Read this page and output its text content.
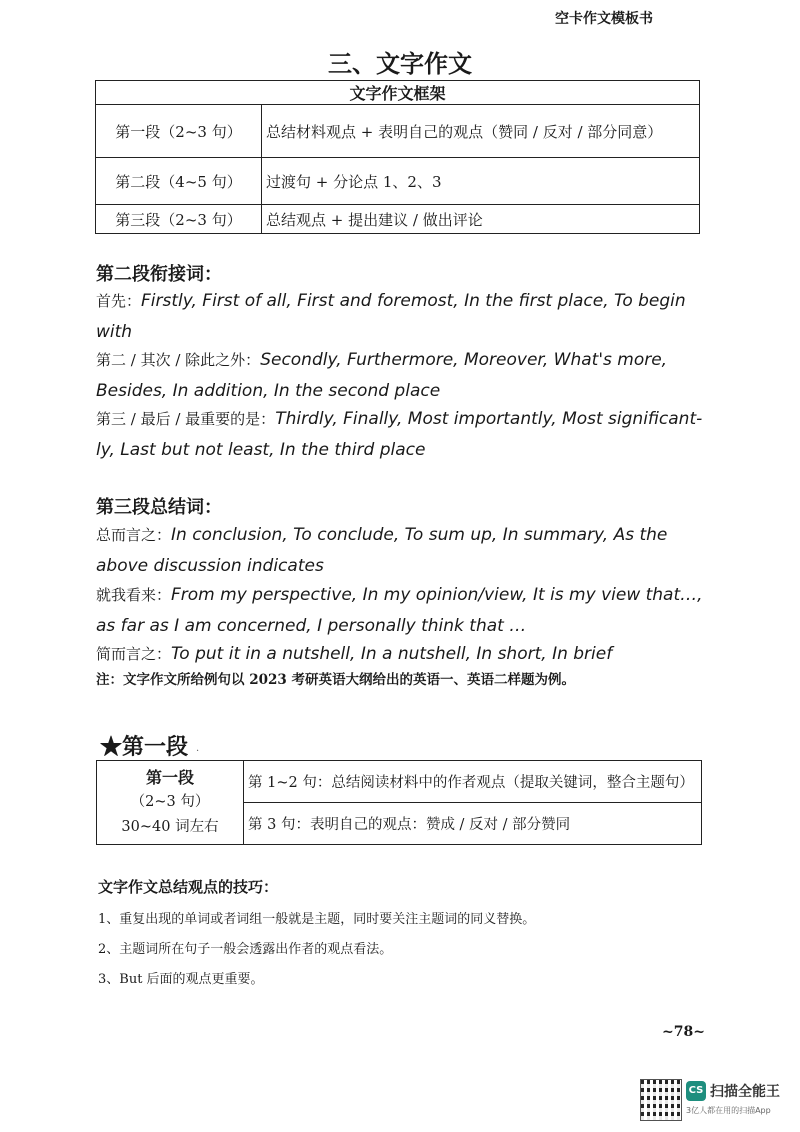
空卡作文模板书
三、文字作文
文字作文框架	
第一段（2~3 句）	总结材料观点 + 表明自己的观点（赞同 / 反对 / 部分同意）
第二段（4~5 句）	过渡句 + 分论点 1、2、3
第三段（2~3 句）	总结观点 + 提出建议 / 做出评论
第二段衔接词：
首先：Firstly, First of all, First and foremost, In the first place, To begin with
第二 / 其次 / 除此之外：Secondly, Furthermore, Moreover, What's more, Besides, In addition, In the second place
第三 / 最后 / 最重要的是：Thirdly, Finally, Most importantly, Most significant-ly, Last but not least, In the third place
第三段总结词：
总而言之：In conclusion, To conclude, To sum up, In summary, As the above discussion indicates
就我看来：From my perspective, In my opinion/view, It is my view that…, as far as I am concerned, I personally think that …
简而言之：To put it in a nutshell, In a nutshell, In short, In brief
注：文字作文所给例句以 2023 考研英语大纲给出的英语一、英语二样题为例。
★第一段 ·
第一段
（2~3 句）
30~40 词左右
	第 1~2 句：总结阅读材料中的作者观点（提取关键词，整合主题句）
第 3 句：表明自己的观点：赞成 / 反对 / 部分赞同
文字作文总结观点的技巧：
1、重复出现的单词或者词组一般就是主题，同时要关注主题词的同义替换。
2、主题词所在句子一般会透露出作者的观点看法。
3、But 后面的观点更重要。
~78~
CS 扫描全能王
3亿人都在用的扫描App
